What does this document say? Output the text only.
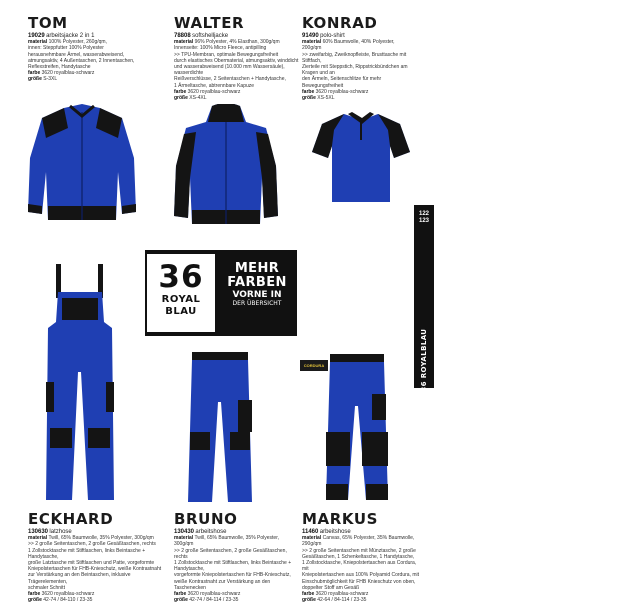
TOM
19029 arbeitsjacke 2 in 1

material 100% Polyester, 260g/qm,

innen: Steppfutter 100% Polyester

herausnehmbare Ärmel, wasserabweisend, atmungsaktiv, 4 Außentaschen, 2 Innentaschen,

Reflexstreifen, Handytasche

farbe 3620 royalblau-schwarz

größe S-3XL

WALTER
78808 softshelljacke

material 96% Polyester, 4% Elasthan, 300g/qm

Innenseite: 100% Micro Fleece, antipilling

>> TPU-Membran, optimale Bewegungsfreiheit

durch elastisches Obermaterial, atmungsaktiv, winddicht

und wasserabweisend (10.000 mm Wassersäule), wasserdichte

Reißverschlüsse, 2 Seitentaschen + Handytasche,

1 Ärmeltasche, abtrennbare Kapuze

farbe 3620 royalblau-schwarz

größe XS-4XL

KONRAD
91490 polo-shirt

material 60% Baumwolle, 40% Polyester, 200g/qm

>> zweifarbig, Zweiknopfleiste, Brusttasche mit Stiftfach,

Zierteile mit Steppstich, Rippstrickbündchen am Kragen und an

den Ärmeln, Seitenschlitze für mehr Bewegungsfreiheit

farbe 3620 royalblau-schwarz

größe XS-5XL

36
ROYAL
BLAU
MEHR
FARBEN
VORNE IN
DER ÜBERSICHT
122
123
>> 36 ROYALBLAU
CORDURA
ECKHARD
130630 latzhose

material Twill, 65% Baumwolle, 35% Polyester, 300g/qm

>> 2 große Seitentaschen, 2 große Gesäßtaschen, rechts

1 Zollstocktasche mit Stiftlaschen, links Beintasche + Handytasche,

große Latztasche mit Stiftlaschen und Patte, vorgeformte

Kniepolstertaschen für FHB-Knieschutz, weiße Kontrastnaht

zur Verstärkung an den Beintaschen, inklusive Trägerelementen,

schmaler Schnitt

farbe 3620 royalblau-schwarz

größe 42-74 / 84-110 / 23-35

BRUNO
130430 arbeitshose

material Twill, 65% Baumwolle, 35% Polyester, 300g/qm

>> 2 große Seitentaschen, 2 große Gesäßtaschen, rechts

1 Zollstocktasche mit Stiftlaschen, links Beintasche + Handytasche,

vorgeformte Kniepolstertaschen für FHB-Knieschutz,

weiße Kontrastnaht zur Verstärkung an den Taschenecken

farbe 3620 royalblau-schwarz

größe 42-74 / 84-114 / 23-35

MARKUS
11460 arbeitshose

material Canvas, 65% Polyester, 35% Baumwolle, 290g/qm

>> 2 große Seitentaschen mit Münztasche, 2 große

Gesäßtaschen, 1 Schenkeltasche, 1 Handytasche,

1 Zollstocktasche, Kniepolstertaschen aus Cordura, mit

Kniepolstertaschen aus 100% Polyamid Cordura, mit

Einschubmöglichkeit für FHB Knieschutz von oben,

doppelter Stoff am Gesäß

farbe 3620 royalblau-schwarz

größe 42-64 / 84-114 / 23-35
